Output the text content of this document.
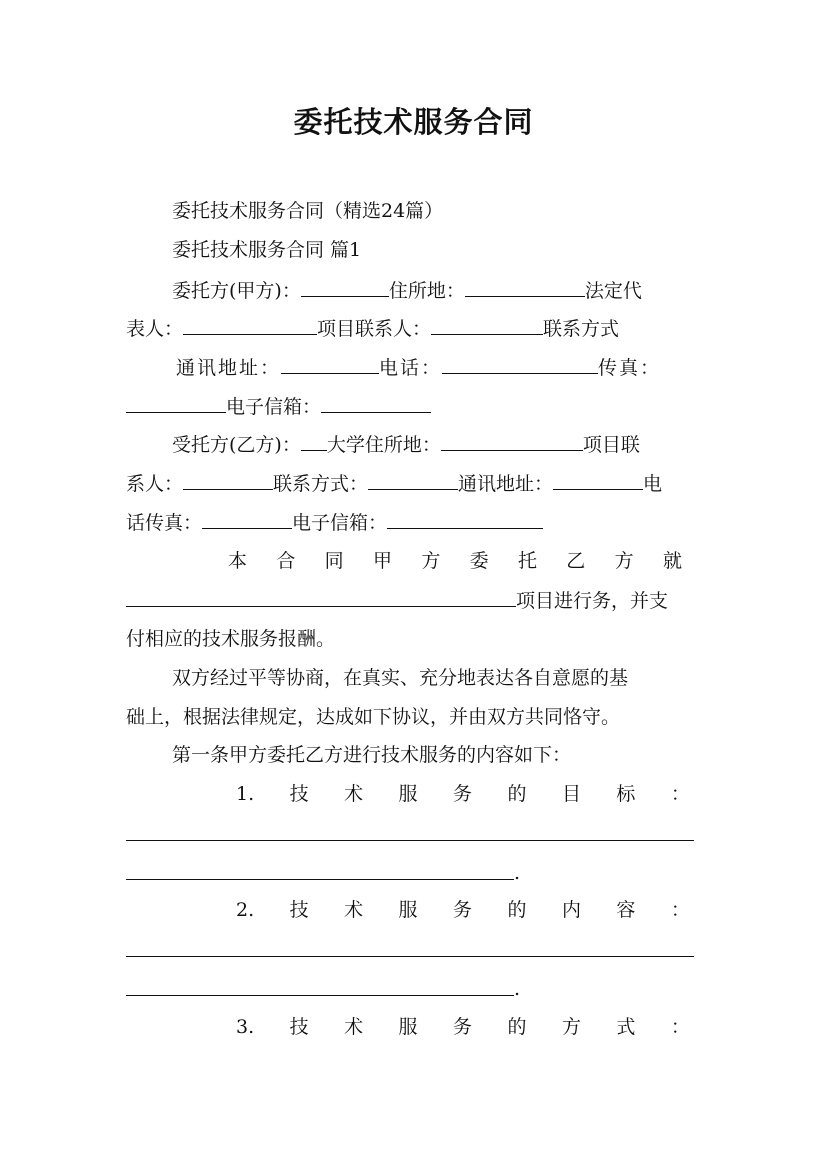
委托技术服务合同
委托技术服务合同（精选24篇）
委托技术服务合同 篇1
委托方(甲方)：	住所地：	法定代
表人：	项目联系人：	联系方式
通讯地址：	电话：	传真：
电子信箱：
受托方(乙方)： 大学住所地：	项目联
系人：	联系方式：	通讯地址：	电
话传真：	电子信箱：
本 合 同 甲 方 委 托 乙 方 就
项目进行务，并支
付相应的技术服务报酬。
双方经过平等协商，在真实、充分地表达各自意愿的基
础上，根据法律规定，达成如下协议，并由双方共同恪守。
第一条甲方委托乙方进行技术服务的内容如下：
1. 技 术 服 务 的 目 标 ：
.
2. 技 术 服 务 的 内 容 ：
.
3. 技 术 服 务 的 方 式 ：
